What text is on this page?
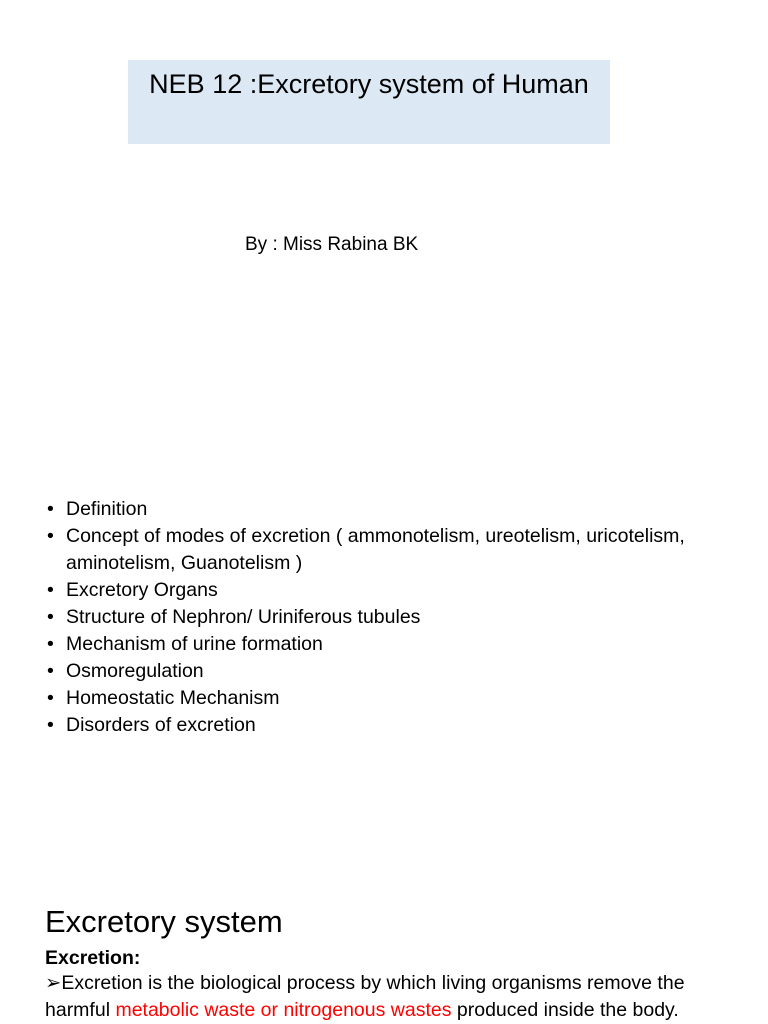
NEB 12 :Excretory system of Human
By : Miss Rabina BK
• Definition
• Concept of modes of excretion ( ammonotelism, ureotelism, uricotelism, aminotelism, Guanotelism )
• Excretory Organs
• Structure of Nephron/ Uriniferous tubules
• Mechanism of urine formation
• Osmoregulation
• Homeostatic Mechanism
• Disorders of excretion
Excretory system
Excretion:
➢Excretion is the biological process by which living organisms remove the harmful metabolic waste or nitrogenous wastes produced inside the body.
